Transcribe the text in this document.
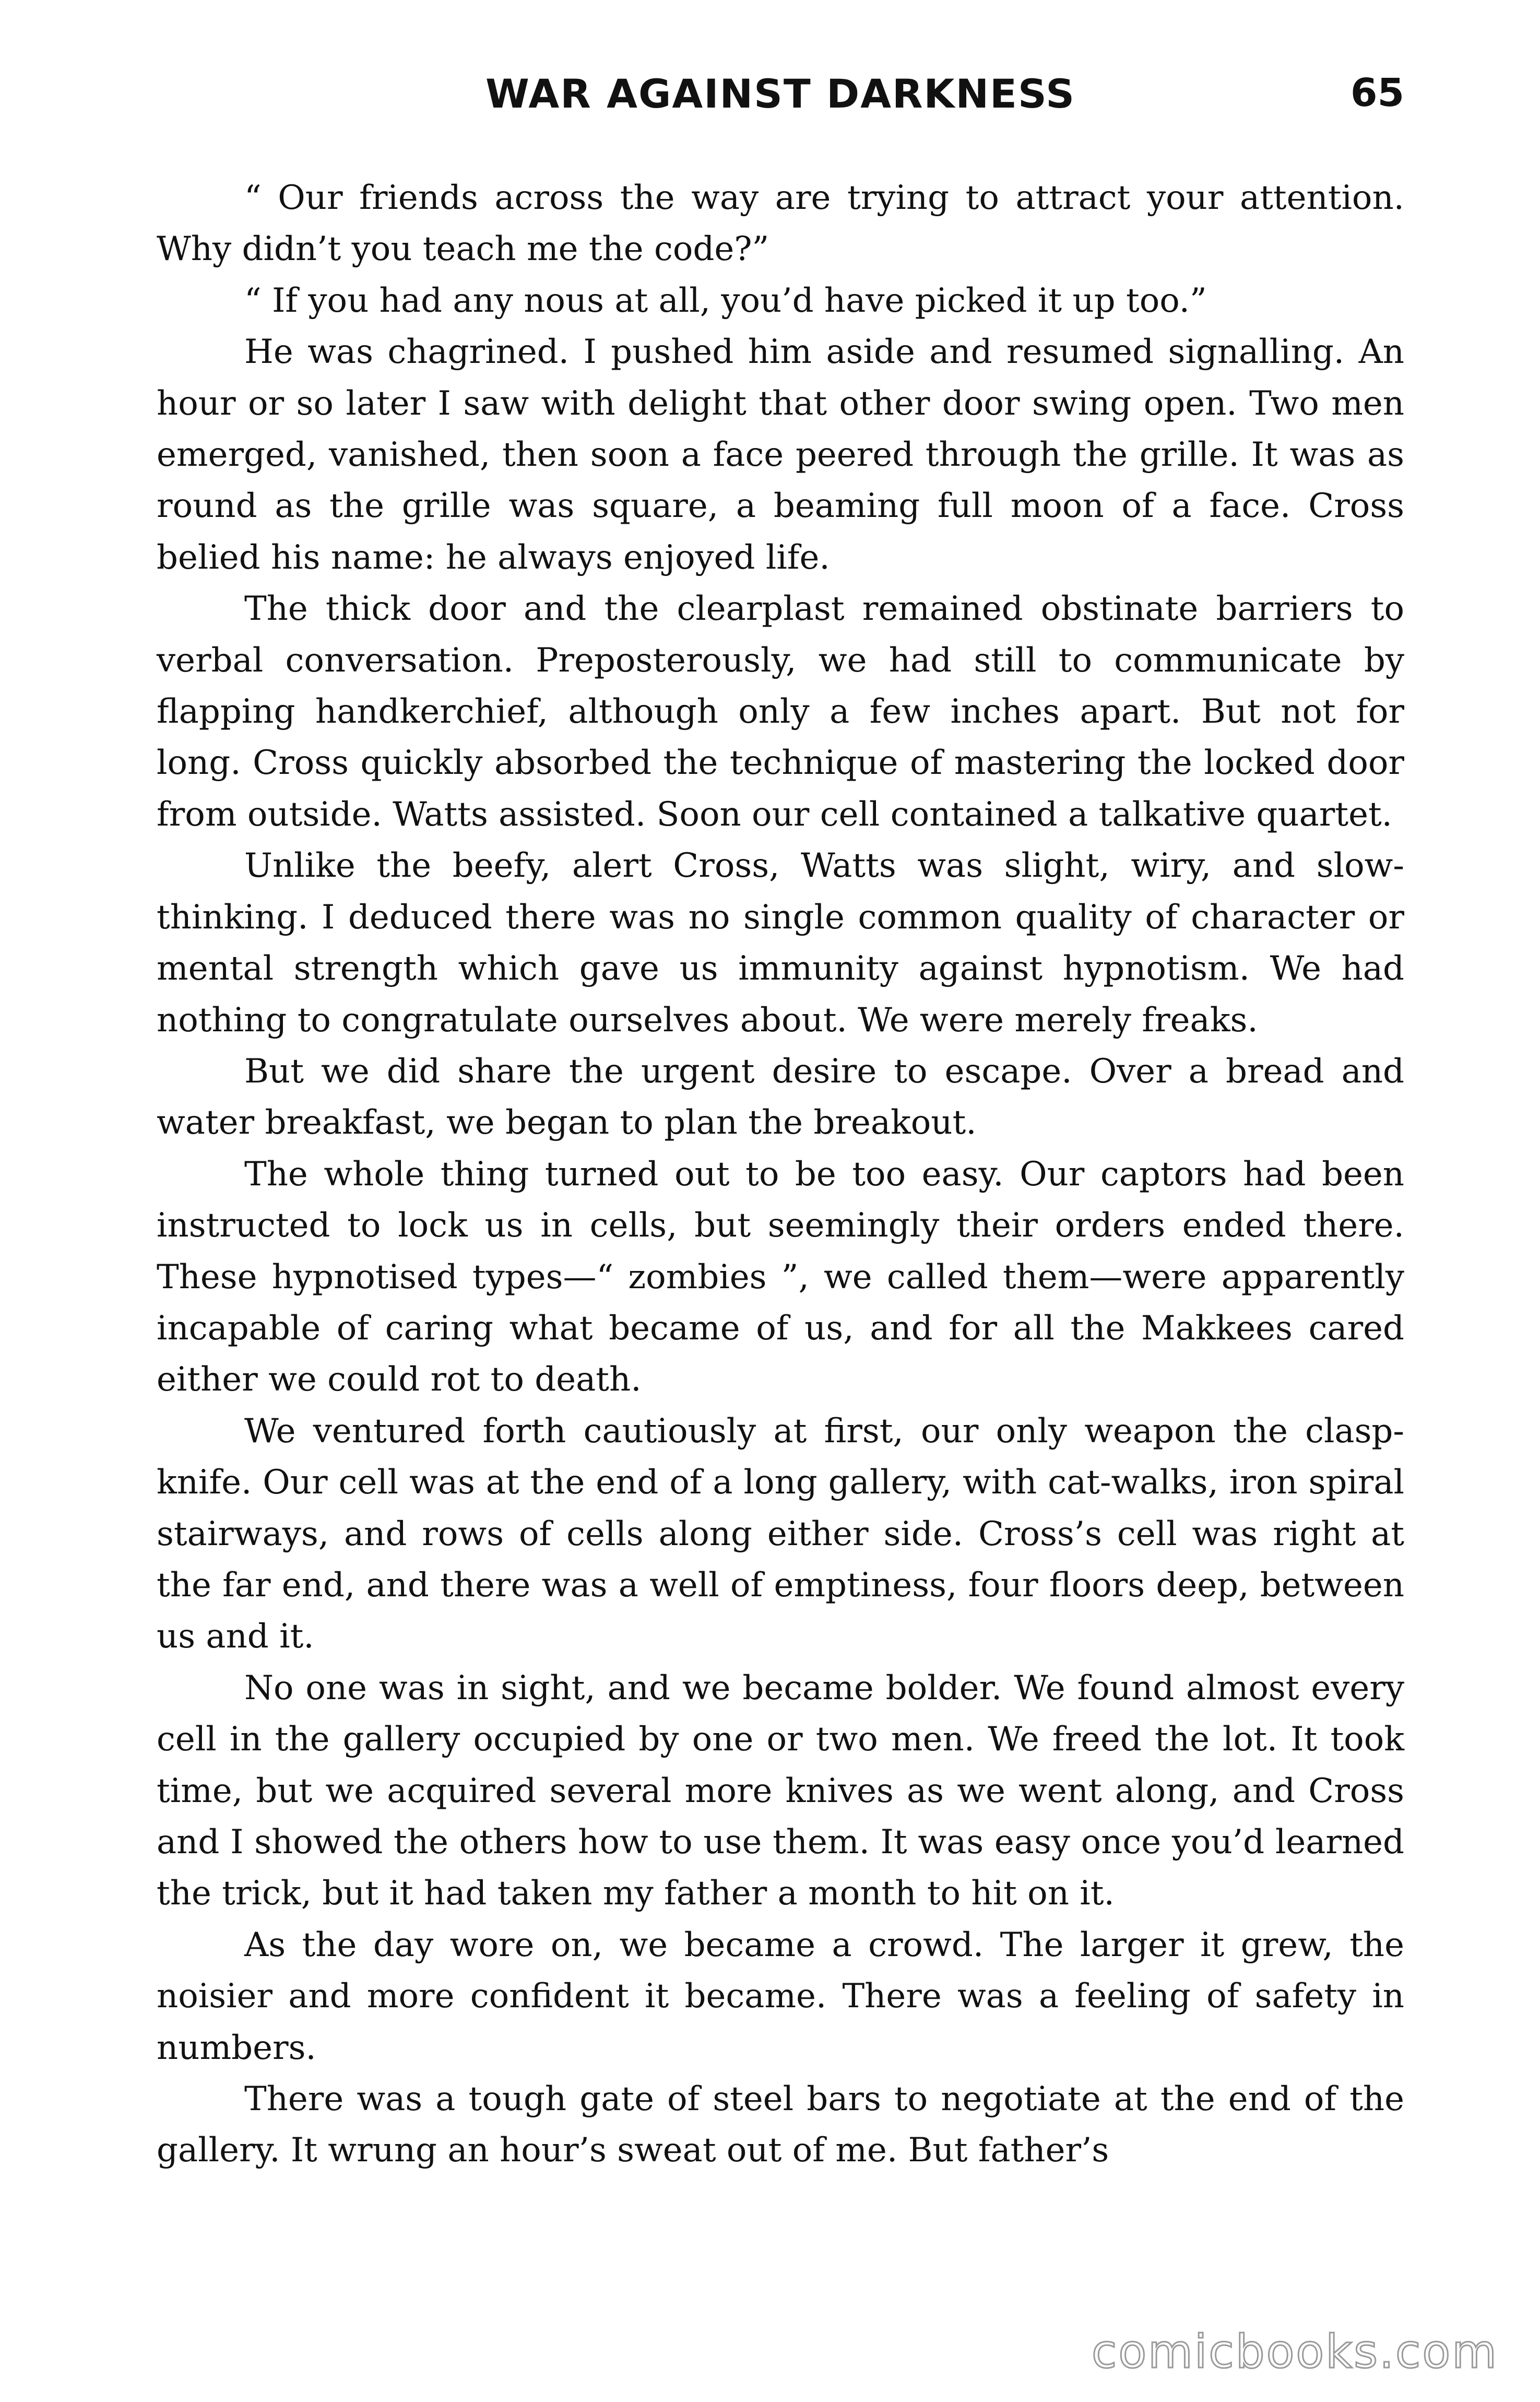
WAR AGAINST DARKNESS	65

“ Our friends across the way are trying to attract your attention. Why didn’t you teach me the code?”

“ If you had any nous at all, you’d have picked it up too.”

He was chagrined. I pushed him aside and resumed signalling. An hour or so later I saw with delight that other door swing open. Two men emerged, vanished, then soon a face peered through the grille. It was as round as the grille was square, a beaming full moon of a face. Cross belied his name: he always enjoyed life.

The thick door and the clearplast remained obstinate barriers to verbal conversation. Preposterously, we had still to communicate by flapping handkerchief, although only a few inches apart. But not for long. Cross quickly absorbed the technique of mastering the locked door from outside. Watts assisted. Soon our cell contained a talkative quartet.

Unlike the beefy, alert Cross, Watts was slight, wiry, and slow-thinking. I deduced there was no single common quality of character or mental strength which gave us immunity against hypnotism. We had nothing to congratulate ourselves about. We were merely freaks.

But we did share the urgent desire to escape. Over a bread and water breakfast, we began to plan the breakout.

The whole thing turned out to be too easy. Our captors had been instructed to lock us in cells, but seemingly their orders ended there. These hypnotised types—“ zombies ”, we called them—were apparently incapable of caring what became of us, and for all the Makkees cared either we could rot to death.

We ventured forth cautiously at first, our only weapon the clasp-knife. Our cell was at the end of a long gallery, with cat-walks, iron spiral stairways, and rows of cells along either side. Cross’s cell was right at the far end, and there was a well of emptiness, four floors deep, between us and it.

No one was in sight, and we became bolder. We found almost every cell in the gallery occupied by one or two men. We freed the lot. It took time, but we acquired several more knives as we went along, and Cross and I showed the others how to use them. It was easy once you’d learned the trick, but it had taken my father a month to hit on it.

As the day wore on, we became a crowd. The larger it grew, the noisier and more confident it became. There was a feeling of safety in numbers.

There was a tough gate of steel bars to negotiate at the end of the gallery. It wrung an hour’s sweat out of me. But father’s

comicbooks.com
